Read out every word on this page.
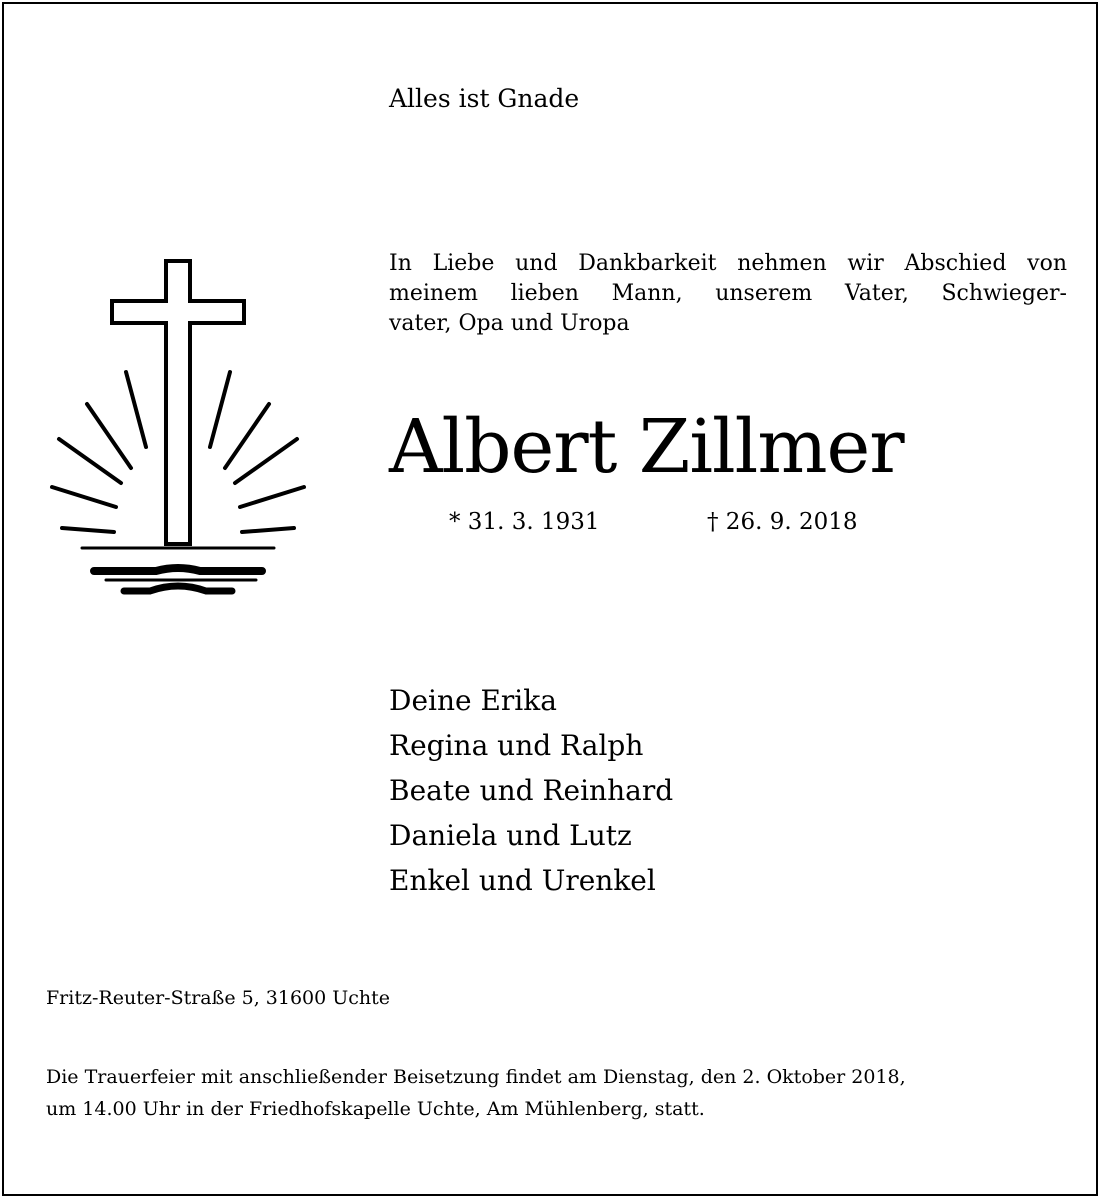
Alles ist Gnade
In Liebe und Dankbarkeit nehmen wir Abschied von
meinem lieben Mann, unserem Vater, Schwieger-
vater, Opa und Uropa
Albert Zillmer
* 31. 3. 1931	† 26. 9. 2018
Deine Erika
Regina und Ralph
Beate und Reinhard
Daniela und Lutz
Enkel und Urenkel
Fritz-Reuter-Straße 5, 31600 Uchte
Die Trauerfeier mit anschließender Beisetzung findet am Dienstag, den 2. Oktober 2018,
um 14.00 Uhr in der Friedhofskapelle Uchte, Am Mühlenberg, statt.
